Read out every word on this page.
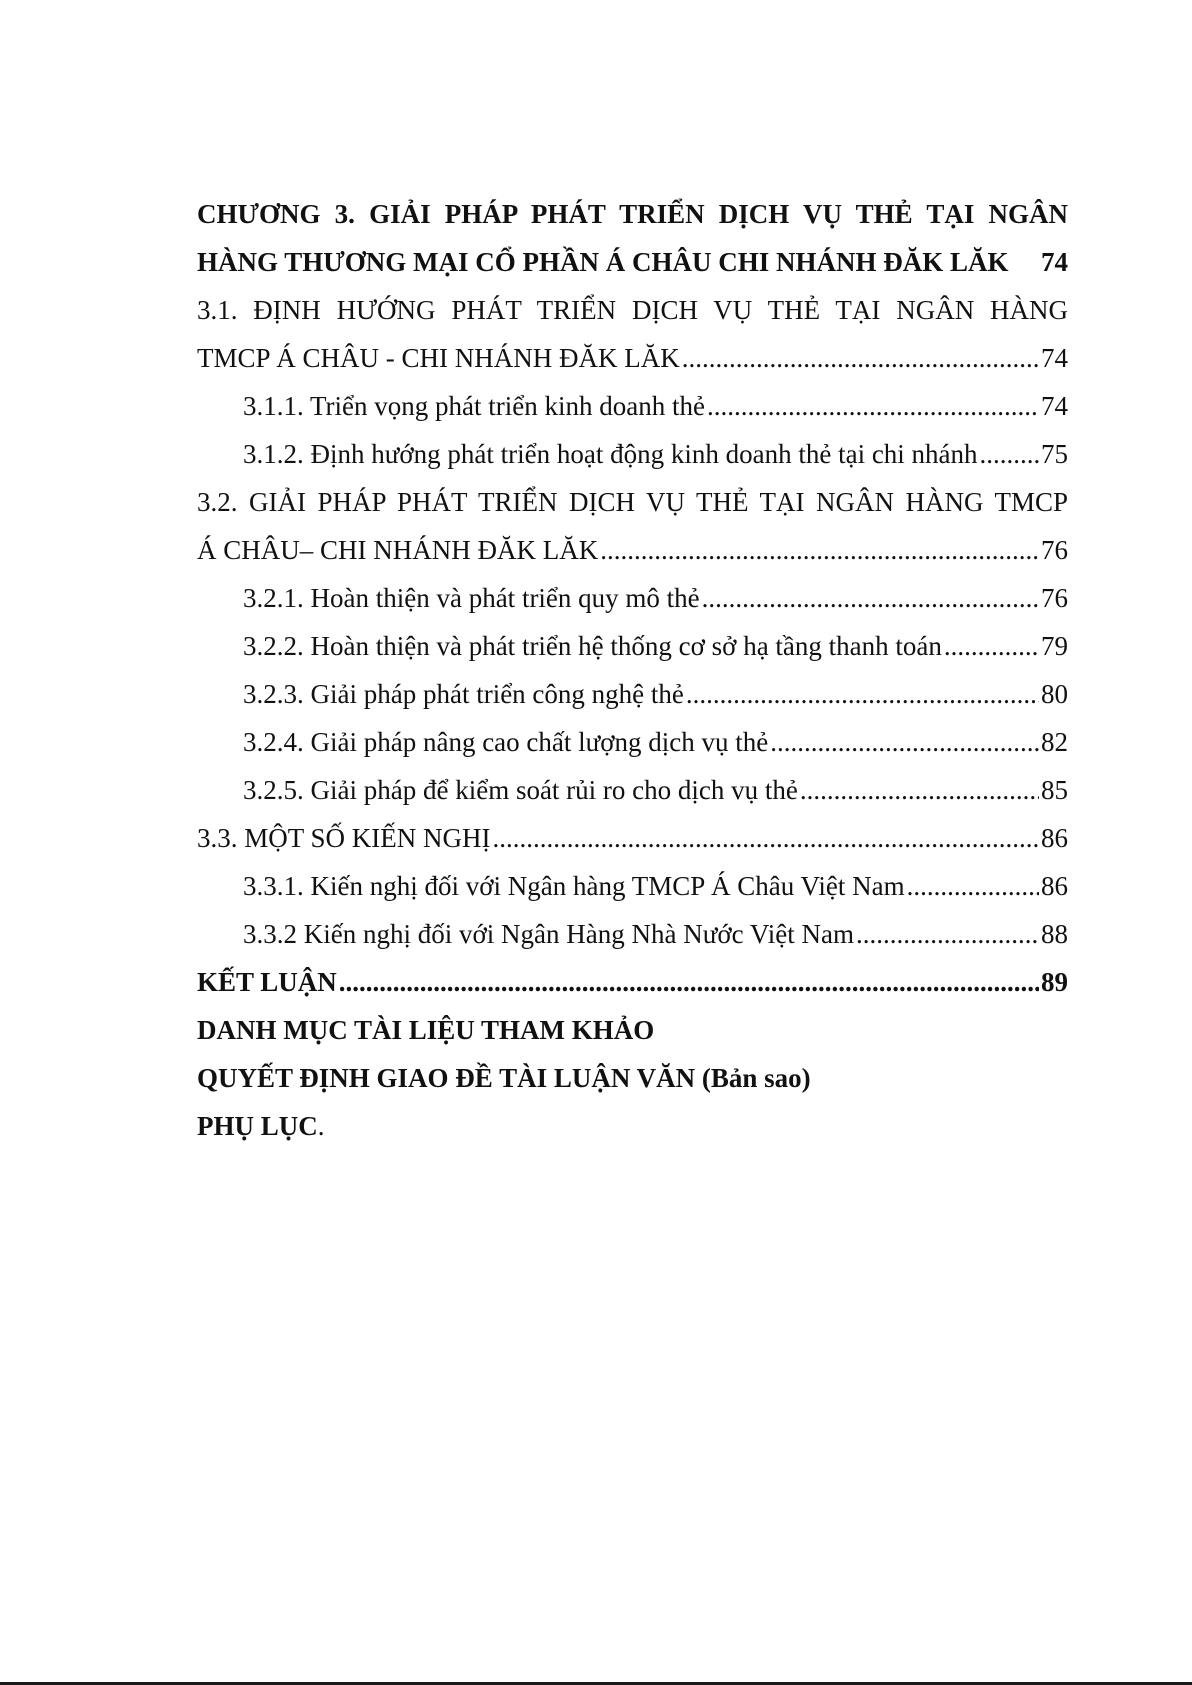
CHƯƠNG 3. GIẢI PHÁP PHÁT TRIỂN DỊCH VỤ THẺ TẠI NGÂN
HÀNG THƯƠNG MẠI CỔ PHẦN Á CHÂU CHI NHÁNH ĐĂK LĂK 74
3.1. ĐỊNH HƯỚNG PHÁT TRIỂN DỊCH VỤ THẺ TẠI NGÂN HÀNG
TMCP Á CHÂU - CHI NHÁNH ĐĂK LĂK .....	74
3.1.1. Triển vọng phát triển kinh doanh thẻ .....	74
3.1.2. Định hướng phát triển hoạt động kinh doanh thẻ tại chi nhánh ..... 75
3.2. GIẢI PHÁP PHÁT TRIỂN DỊCH VỤ THẺ TẠI NGÂN HÀNG TMCP
Á CHÂU– CHI NHÁNH ĐĂK LĂK .....	76
3.2.1. Hoàn thiện và phát triển quy mô thẻ .....	76
3.2.2. Hoàn thiện và phát triển hệ thống cơ sở hạ tầng thanh toán .....	79
3.2.3. Giải pháp phát triển công nghệ thẻ .....	80
3.2.4. Giải pháp nâng cao chất lượng dịch vụ thẻ .....	82
3.2.5. Giải pháp để kiểm soát rủi ro cho dịch vụ thẻ .....	85
3.3. MỘT SỐ KIẾN NGHỊ .....	86
3.3.1. Kiến nghị đối với Ngân hàng TMCP Á Châu Việt Nam .....	86
3.3.2 Kiến nghị đối với Ngân Hàng Nhà Nước Việt Nam .....	88
KẾT LUẬN .....	89
DANH MỤC TÀI LIỆU THAM KHẢO
QUYẾT ĐỊNH GIAO ĐỀ TÀI LUẬN VĂN (Bản sao)
PHỤ LỤC.
